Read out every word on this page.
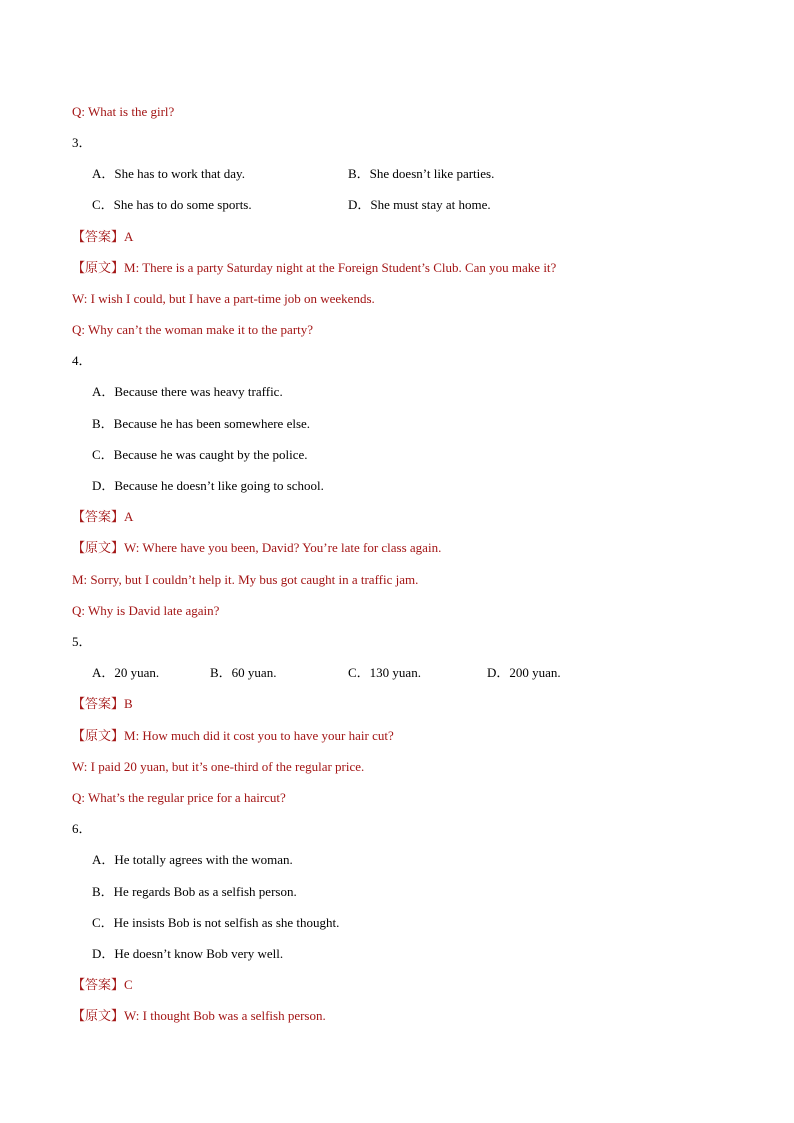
Q: What is the girl?
3．
A．She has to work that day.	B．She doesn’t like parties.
C．She has to do some sports.	D．She must stay at home.
【答案】A
【原文】M: There is a party Saturday night at the Foreign Student’s Club. Can you make it?
W: I wish I could, but I have a part-time job on weekends.
Q: Why can’t the woman make it to the party?
4．
A．Because there was heavy traffic.
B．Because he has been somewhere else.
C．Because he was caught by the police.
D．Because he doesn’t like going to school.
【答案】A
【原文】W: Where have you been, David? You’re late for class again.
M: Sorry, but I couldn’t help it. My bus got caught in a traffic jam.
Q: Why is David late again?
5．
A．20 yuan.	B．60 yuan.	C．130 yuan.	D．200 yuan.
【答案】B
【原文】M: How much did it cost you to have your hair cut?
W: I paid 20 yuan, but it’s one-third of the regular price.
Q: What’s the regular price for a haircut?
6．
A．He totally agrees with the woman.
B．He regards Bob as a selfish person.
C．He insists Bob is not selfish as she thought.
D．He doesn’t know Bob very well.
【答案】C
【原文】W: I thought Bob was a selfish person.
